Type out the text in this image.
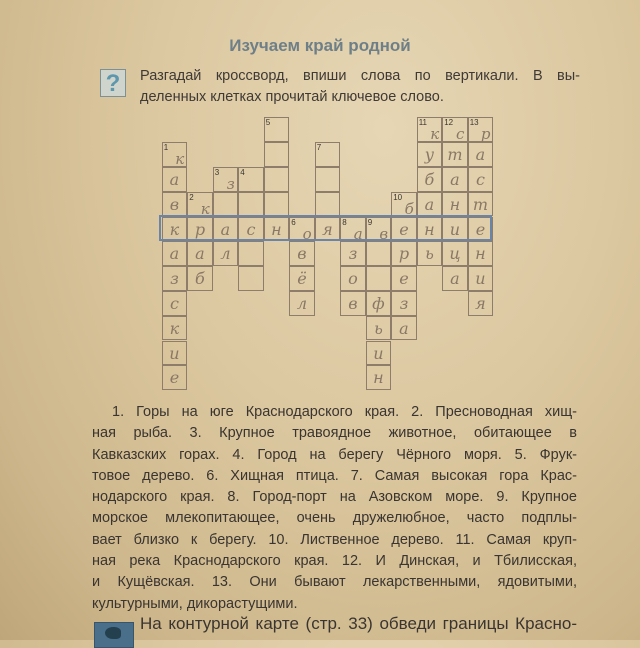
Изучаем край родной
?	Разгадай кроссворд, впиши слова по вертикали. В вы-
деленных клетках прочитай ключевое слово.
1
к
а
в
к
а
з
с
к
и
е
2
к
р
а
б
3
з
а
л
4
с
5
н	6
о
в
ё
л
7
я	8
а
з
о
в
9
в
ф
ь
и
н
10
б
е
р
е
з
а
11
к
у
б
а
н
ь
12
с
т
а
н
и
ц
а
13
р
а
с
т
е
н
и
я
1. Горы на юге Краснодарского края. 2. Пресноводная хищ-
ная рыба. 3. Крупное травоядное животное, обитающее в
Кавказских горах. 4. Город на берегу Чёрного моря. 5. Фрук-
товое дерево. 6. Хищная птица. 7. Самая высокая гора Крас-
нодарского края. 8. Город-порт на Азовском море. 9. Крупное
морское млекопитающее, очень дружелюбное, часто подплы-
вает близко к берегу. 10. Лиственное дерево. 11. Самая круп-
ная река Краснодарского края. 12. И Динская, и Тбилисская,
и Кущёвская. 13. Они бывают лекарственными, ядовитыми,
культурными, дикорастущими.
На контурной карте (стр. 33) обведи границы Красно-
